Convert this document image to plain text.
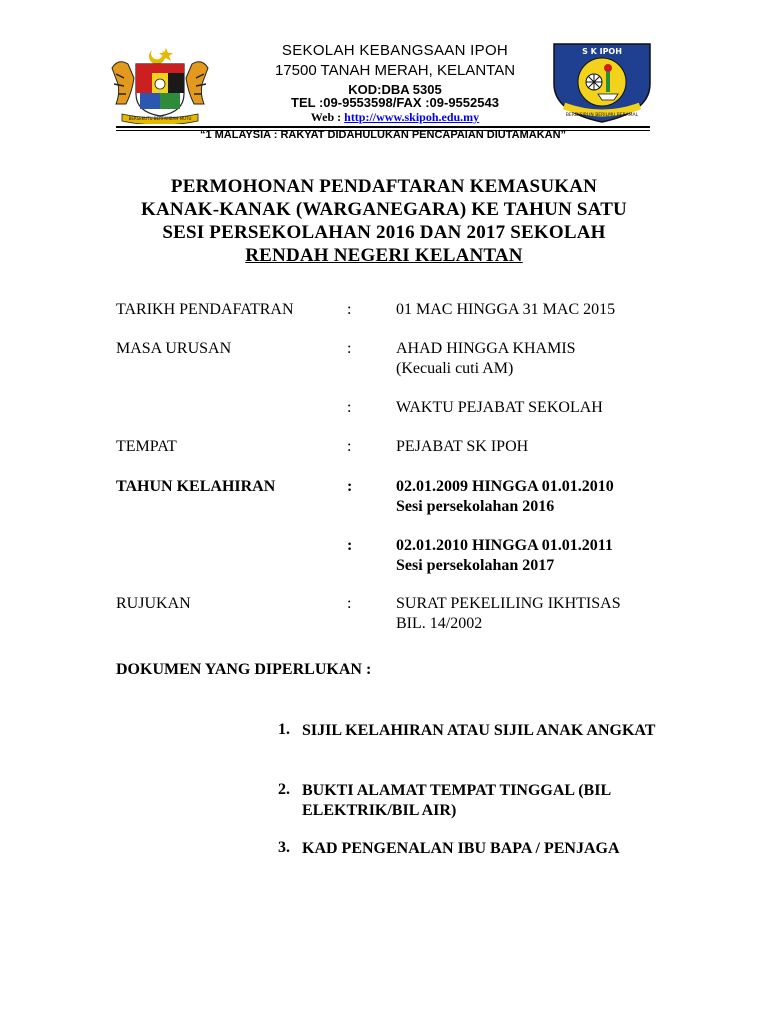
BERSEKUTU BERTAMBAH MUTU
SEKOLAH KEBANGSAAN IPOH
17500 TANAH MERAH, KELANTAN
KOD:DBA 5305
TEL :09-9553598/FAX :09-9552543
Web : http://www.skipoh.edu.my
S K IPOH
BERDISIPLIN BERILMU BERAMAL
“1 MALAYSIA : RAKYAT DIDAHULUKAN PENCAPAIAN DIUTAMAKAN”
PERMOHONAN PENDAFTARAN KEMASUKAN
KANAK-KANAK (WARGANEGARA) KE TAHUN SATU
SESI PERSEKOLAHAN 2016 DAN 2017 SEKOLAH
RENDAH NEGERI KELANTAN
TARIKH PENDAFATRAN	:	01 MAC HINGGA 31 MAC 2015
MASA URUSAN	:	AHAD HINGGA KHAMIS
(Kecuali cuti AM)
:	WAKTU PEJABAT SEKOLAH
TEMPAT	:	PEJABAT SK IPOH
TAHUN KELAHIRAN	:	02.01.2009 HINGGA 01.01.2010
Sesi persekolahan 2016
:	02.01.2010 HINGGA 01.01.2011
Sesi persekolahan 2017
RUJUKAN	:	SURAT PEKELILING IKHTISAS
BIL. 14/2002
DOKUMEN YANG DIPERLUKAN :
1. SIJIL KELAHIRAN ATAU SIJIL ANAK ANGKAT
2. BUKTI ALAMAT TEMPAT TINGGAL (BIL ELEKTRIK/BIL AIR)
3. KAD PENGENALAN IBU BAPA / PENJAGA
